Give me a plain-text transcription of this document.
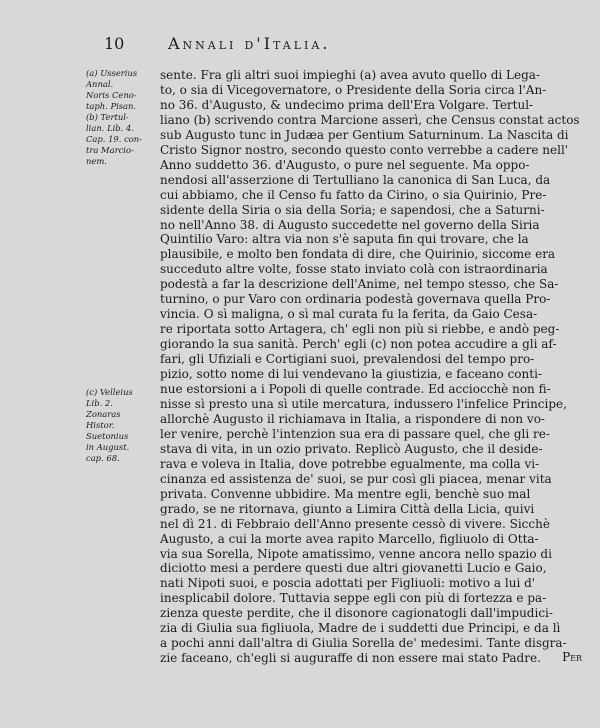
10	Annali d'Italia.
(a) Usserius
Annal.
Noris Ceno-
taph. Pisan.
(b) Tertul-
lian. Lib. 4.
Cap. 19. con-
tra Marcio-
nem.
(c) Velleius
Lib. 2.
Zonaras
Histor.
Suetonius
in August.
cap. 68.
sente. Fra gli altri suoi impieghi (a) avea avuto quello di Lega-
to, o sia di Vicegovernatore, o Presidente della Soria circa l'An-
no 36. d'Augusto, & undecimo prima dell'Era Volgare. Tertul-
liano (b) scrivendo contra Marcione asserì, che Census constat actos
sub Augusto tunc in Judæa per Gentium Saturninum. La Nascita di
Cristo Signor nostro, secondo questo conto verrebbe a cadere nell'
Anno suddetto 36. d'Augusto, o pure nel seguente. Ma oppo-
nendosi all'asserzione di Tertulliano la canonica di San Luca, da
cui abbiamo, che il Censo fu fatto da Cirino, o sia Quirinio, Pre-
sidente della Siria o sia della Soria; e sapendosi, che a Saturni-
no nell'Anno 38. di Augusto succedette nel governo della Siria
Quintilio Varo: altra via non s'è saputa fin qui trovare, che la
plausibile, e molto ben fondata di dire, che Quirinio, siccome era
succeduto altre volte, fosse stato inviato colà con istraordinaria
podestà a far la descrizione dell'Anime, nel tempo stesso, che Sa-
turnino, o pur Varo con ordinaria podestà governava quella Pro-
vincia. O sì maligna, o sì mal curata fu la ferita, da Gaio Cesa-
re riportata sotto Artagera, ch' egli non più si riebbe, e andò peg-
giorando la sua sanità. Perch' egli (c) non potea accudire a gli af-
fari, gli Ufiziali e Cortigiani suoi, prevalendosi del tempo pro-
pizio, sotto nome di lui vendevano la giustizia, e faceano conti-
nue estorsioni a i Popoli di quelle contrade. Ed acciocchè non fi-
nisse sì presto una sì utile mercatura, indussero l'infelice Principe,
allorchè Augusto il richiamava in Italia, a rispondere di non vo-
ler venire, perchè l'intenzion sua era di passare quel, che gli re-
stava di vita, in un ozio privato. Replicò Augusto, che il deside-
rava e voleva in Italia, dove potrebbe egualmente, ma colla vi-
cinanza ed assistenza de' suoi, se pur così gli piacea, menar vita
privata. Convenne ubbidire. Ma mentre egli, benchè suo mal
grado, se ne ritornava, giunto a Limira Città della Licia, quivi
nel dì 21. di Febbraio dell'Anno presente cessò di vivere. Sicchè
Augusto, a cui la morte avea rapito Marcello, figliuolo di Otta-
via sua Sorella, Nipote amatissimo, venne ancora nello spazio di
diciotto mesi a perdere questi due altri giovanetti Lucio e Gaio,
nati Nipoti suoi, e poscia adottati per Figliuoli: motivo a lui d'
inesplicabil dolore. Tuttavia seppe egli con più di fortezza e pa-
zienza queste perdite, che il disonore cagionatogli dall'impudici-
zia di Giulia sua figliuola, Madre de i suddetti due Principi, e da lì
a pochi anni dall'altra di Giulia Sorella de' medesimi. Tante disgra-
zie faceano, ch'egli si auguraffe di non essere mai stato Padre.	Per
